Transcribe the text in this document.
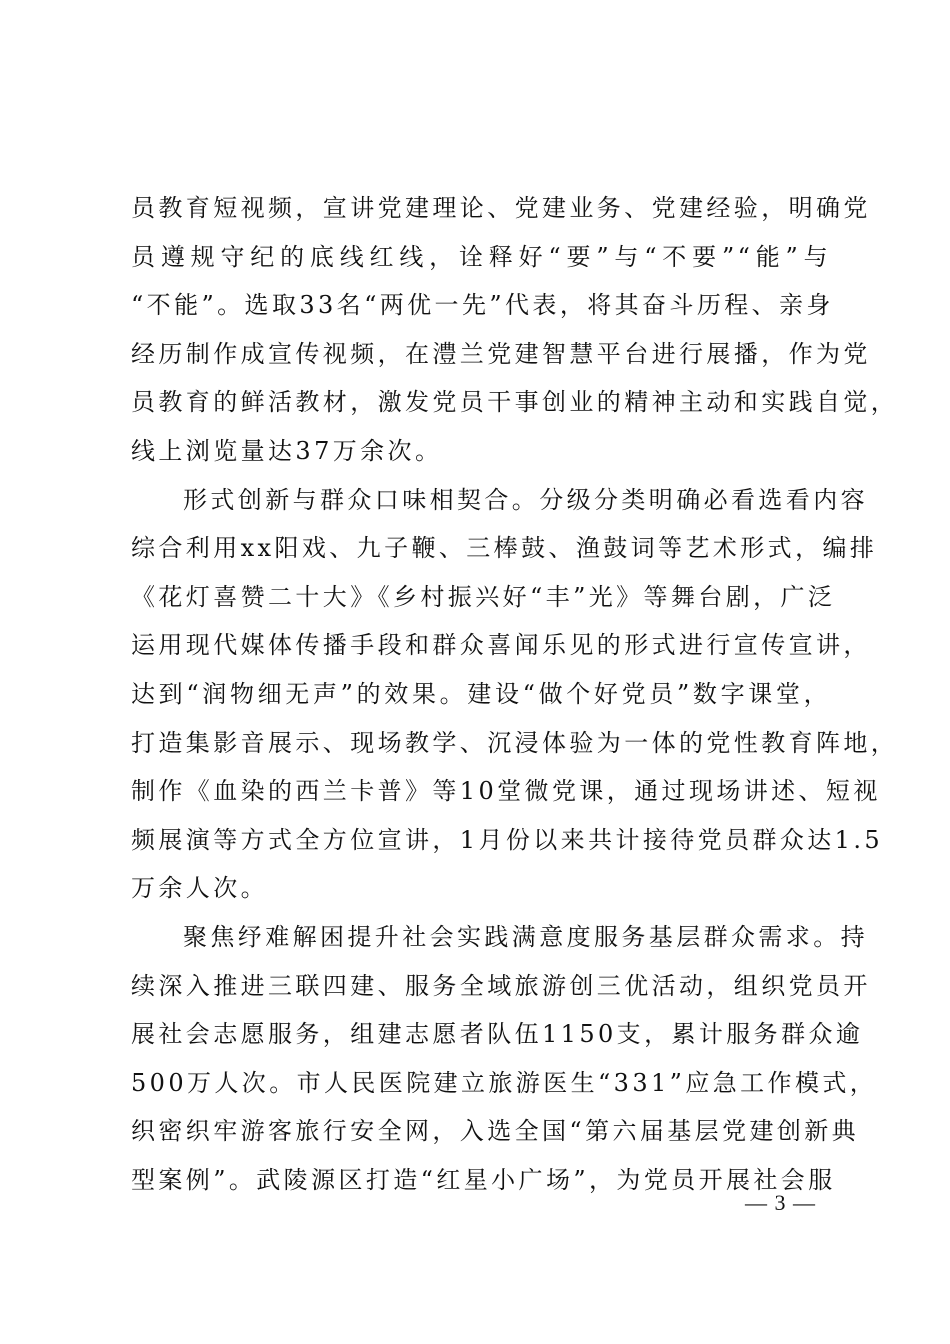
员教育短视频，宣讲党建理论、党建业务、党建经验，明确党
员遵规守纪的底线红线，诠释好“要”与“不要”“能”与
“不能”。选取33名“两优一先”代表，将其奋斗历程、亲身
经历制作成宣传视频，在澧兰党建智慧平台进行展播，作为党
员教育的鲜活教材，激发党员干事创业的精神主动和实践自觉，
线上浏览量达37万余次。
形式创新与群众口味相契合。分级分类明确必看选看内容
综合利用xx阳戏、九子鞭、三棒鼓、渔鼓词等艺术形式，编排
《花灯喜赞二十大》《乡村振兴好“丰”光》等舞台剧，广泛
运用现代媒体传播手段和群众喜闻乐见的形式进行宣传宣讲，
达到“润物细无声”的效果。建设“做个好党员”数字课堂，
打造集影音展示、现场教学、沉浸体验为一体的党性教育阵地，
制作《血染的西兰卡普》等10堂微党课，通过现场讲述、短视
频展演等方式全方位宣讲，1月份以来共计接待党员群众达1.5
万余人次。
聚焦纾难解困提升社会实践满意度服务基层群众需求。持
续深入推进三联四建、服务全域旅游创三优活动，组织党员开
展社会志愿服务，组建志愿者队伍1150支，累计服务群众逾
500万人次。市人民医院建立旅游医生“331”应急工作模式，
织密织牢游客旅行安全网，入选全国“第六届基层党建创新典
型案例”。武陵源区打造“红星小广场”，为党员开展社会服
— 3 —
